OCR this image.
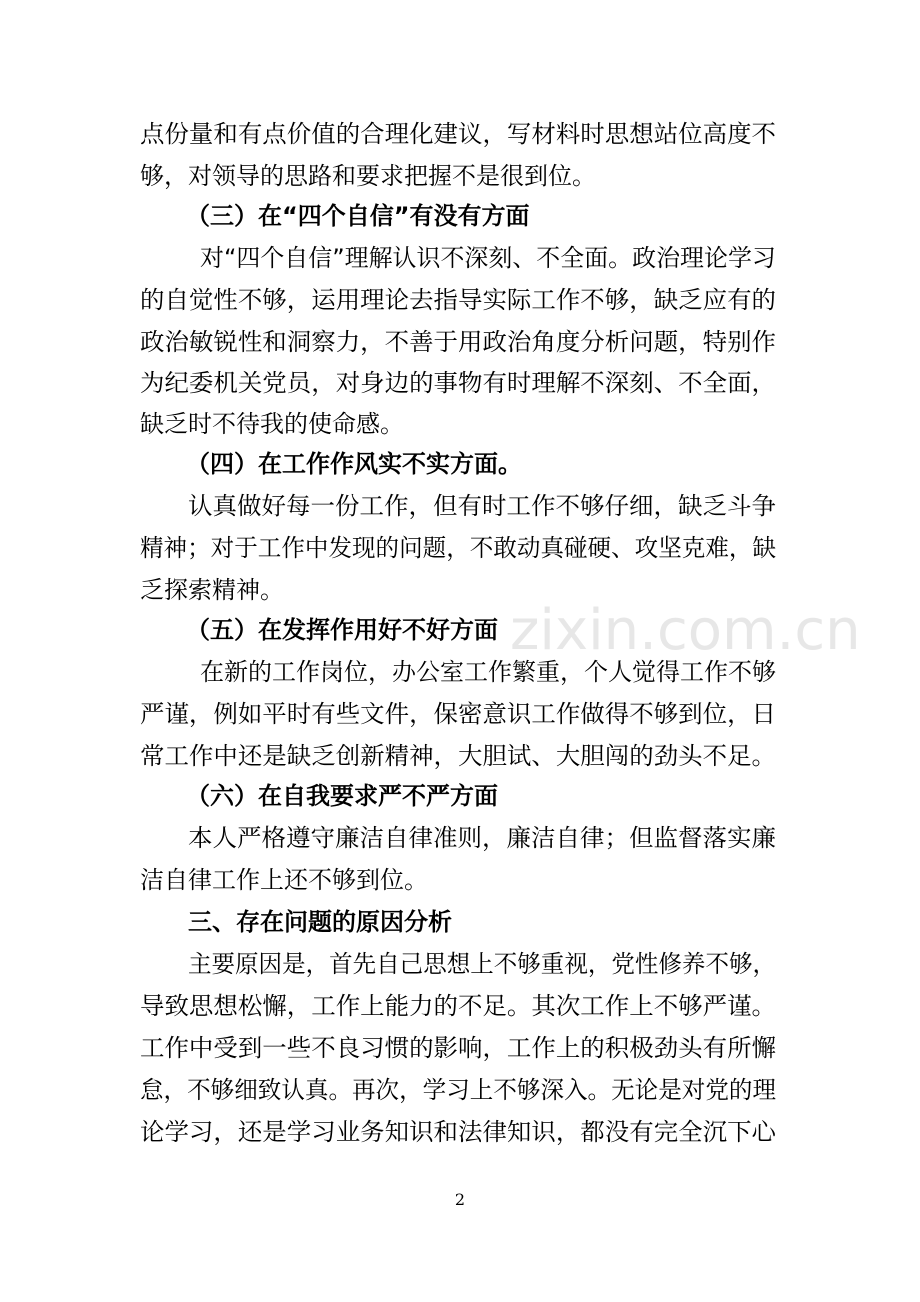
点份量和有点价值的合理化建议，写材料时思想站位高度不
够，对领导的思路和要求把握不是很到位。
（三）在“四个自信”有没有方面
对“四个自信”理解认识不深刻、不全面。政治理论学习
的自觉性不够，运用理论去指导实际工作不够，缺乏应有的
政治敏锐性和洞察力，不善于用政治角度分析问题，特别作
为纪委机关党员，对身边的事物有时理解不深刻、不全面，
缺乏时不待我的使命感。
（四）在工作作风实不实方面。
认真做好每一份工作，但有时工作不够仔细，缺乏斗争
精神；对于工作中发现的问题，不敢动真碰硬、攻坚克难，缺
乏探索精神。
（五）在发挥作用好不好方面
在新的工作岗位，办公室工作繁重，个人觉得工作不够
严谨，例如平时有些文件，保密意识工作做得不够到位，日
常工作中还是缺乏创新精神，大胆试、大胆闯的劲头不足。
（六）在自我要求严不严方面
本人严格遵守廉洁自律准则，廉洁自律；但监督落实廉
洁自律工作上还不够到位。
三、存在问题的原因分析
主要原因是，首先自己思想上不够重视，党性修养不够，
导致思想松懈，工作上能力的不足。其次工作上不够严谨。
工作中受到一些不良习惯的影响，工作上的积极劲头有所懈
怠，不够细致认真。再次，学习上不够深入。无论是对党的理
论学习，还是学习业务知识和法律知识，都没有完全沉下心
zixin.com.cn
2
